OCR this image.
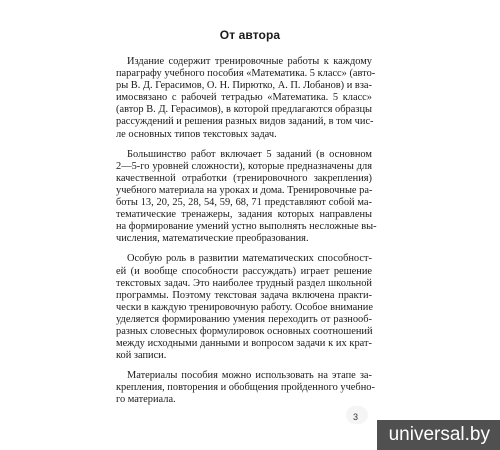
От автора
Издание содержит тренировочные работы к каждому
параграфу учебного пособия «Математика. 5 класс» (авто-
ры В. Д. Герасимов, О. Н. Пирютко, А. П. Лобанов) и вза-
имосвязано с рабочей тетрадью «Математика. 5 класс»
(автор В. Д. Герасимов), в которой предлагаются образцы
рассуждений и решения разных видов заданий, в том чис-
ле основных типов текстовых задач.
Большинство работ включает 5 заданий (в основном
2—5-го уровней сложности), которые предназначены для
качественной отработки (тренировочного закрепления)
учебного материала на уроках и дома. Тренировочные ра-
боты 13, 20, 25, 28, 54, 59, 68, 71 представляют собой ма-
тематические тренажеры, задания которых направлены
на формирование умений устно выполнять несложные вы-
числения, математические преобразования.
Особую роль в развитии математических способност-
ей (и вообще способности рассуждать) играет решение
текстовых задач. Это наиболее трудный раздел школьной
программы. Поэтому текстовая задача включена практи-
чески в каждую тренировочную работу. Особое внимание
уделяется формированию умения переходить от разнооб-
разных словесных формулировок основных соотношений
между исходными данными и вопросом задачи к их крат-
кой записи.
Материалы пособия можно использовать на этапе за-
крепления, повторения и обобщения пройденного учебно-
го материала.
3
universal.by
